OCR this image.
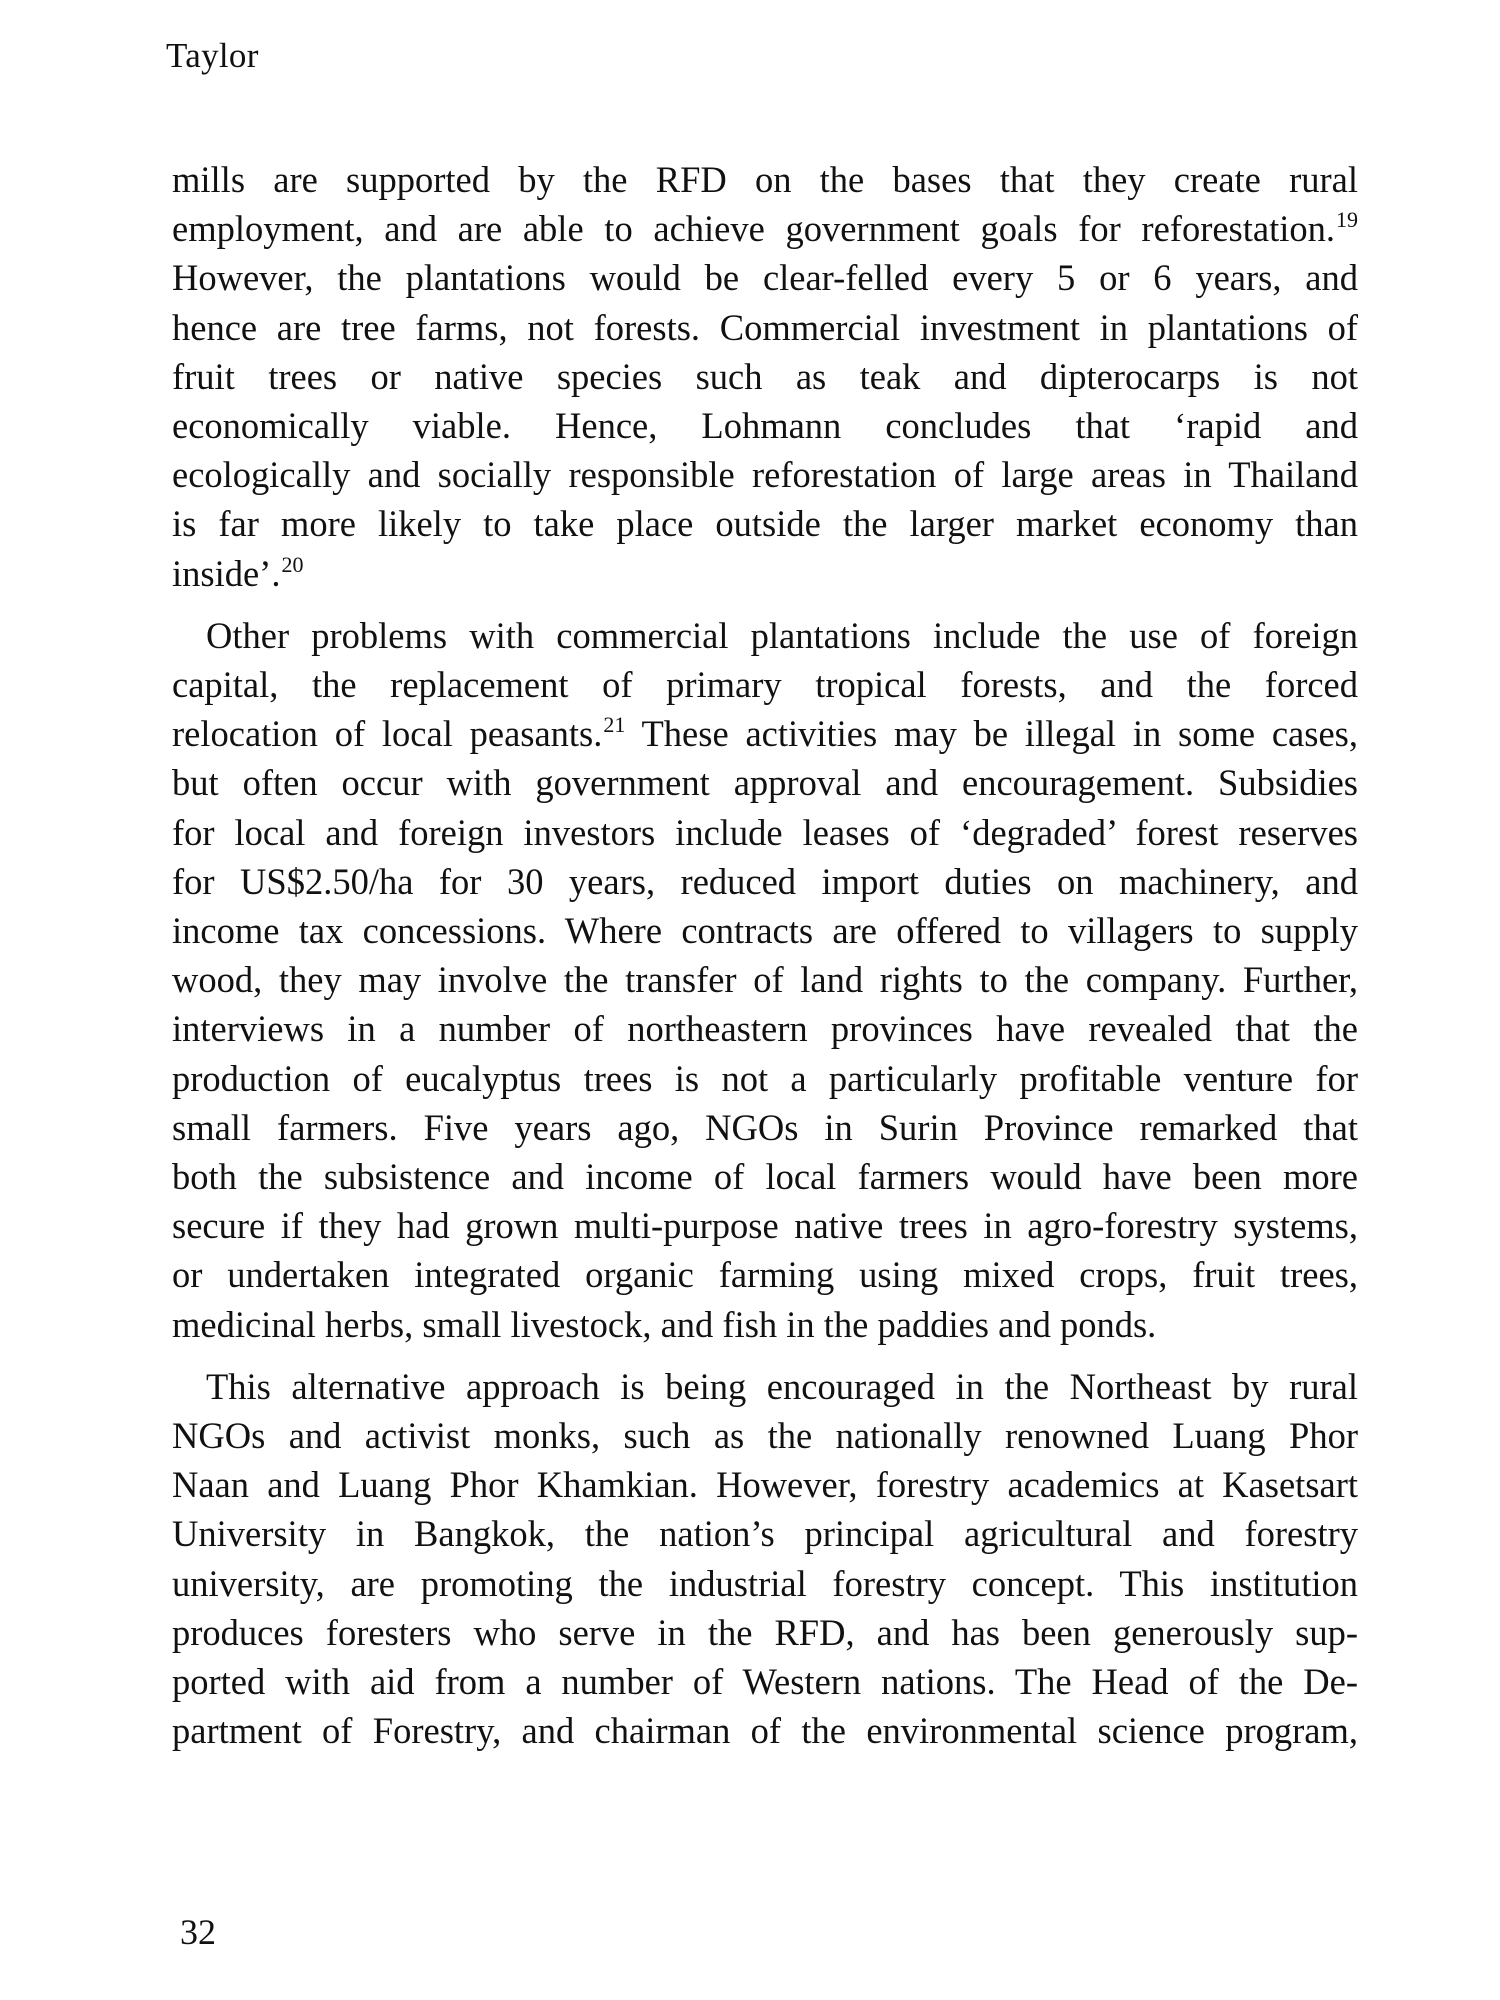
Taylor

mills are supported by the RFD on the bases that they create rural
employment, and are able to achieve government goals for reforestation.$^{19}$
However, the plantations would be clear-felled every 5 or 6 years, and
hence are tree farms, not forests. Commercial investment in plantations of
fruit trees or native species such as teak and dipterocarps is not
economically viable. Hence, Lohmann concludes that ‘rapid and
ecologically and socially responsible reforestation of large areas in Thailand
is far more likely to take place outside the larger market economy than
inside’.$^{20}$

Other problems with commercial plantations include the use of foreign
capital, the replacement of primary tropical forests, and the forced
relocation of local peasants.$^{21}$ These activities may be illegal in some cases,
but often occur with government approval and encouragement. Subsidies
for local and foreign investors include leases of ‘degraded’ forest reserves
for US$2.50/ha for 30 years, reduced import duties on machinery, and
income tax concessions. Where contracts are offered to villagers to supply
wood, they may involve the transfer of land rights to the company. Further,
interviews in a number of northeastern provinces have revealed that the
production of eucalyptus trees is not a particularly profitable venture for
small farmers. Five years ago, NGOs in Surin Province remarked that
both the subsistence and income of local farmers would have been more
secure if they had grown multi-purpose native trees in agro-forestry systems,
or undertaken integrated organic farming using mixed crops, fruit trees,
medicinal herbs, small livestock, and fish in the paddies and ponds.

This alternative approach is being encouraged in the Northeast by rural
NGOs and activist monks, such as the nationally renowned Luang Phor
Naan and Luang Phor Khamkian. However, forestry academics at Kasetsart
University in Bangkok, the nation’s principal agricultural and forestry
university, are promoting the industrial forestry concept. This institution
produces foresters who serve in the RFD, and has been generously sup-
ported with aid from a number of Western nations. The Head of the De-
partment of Forestry, and chairman of the environmental science program,

32
